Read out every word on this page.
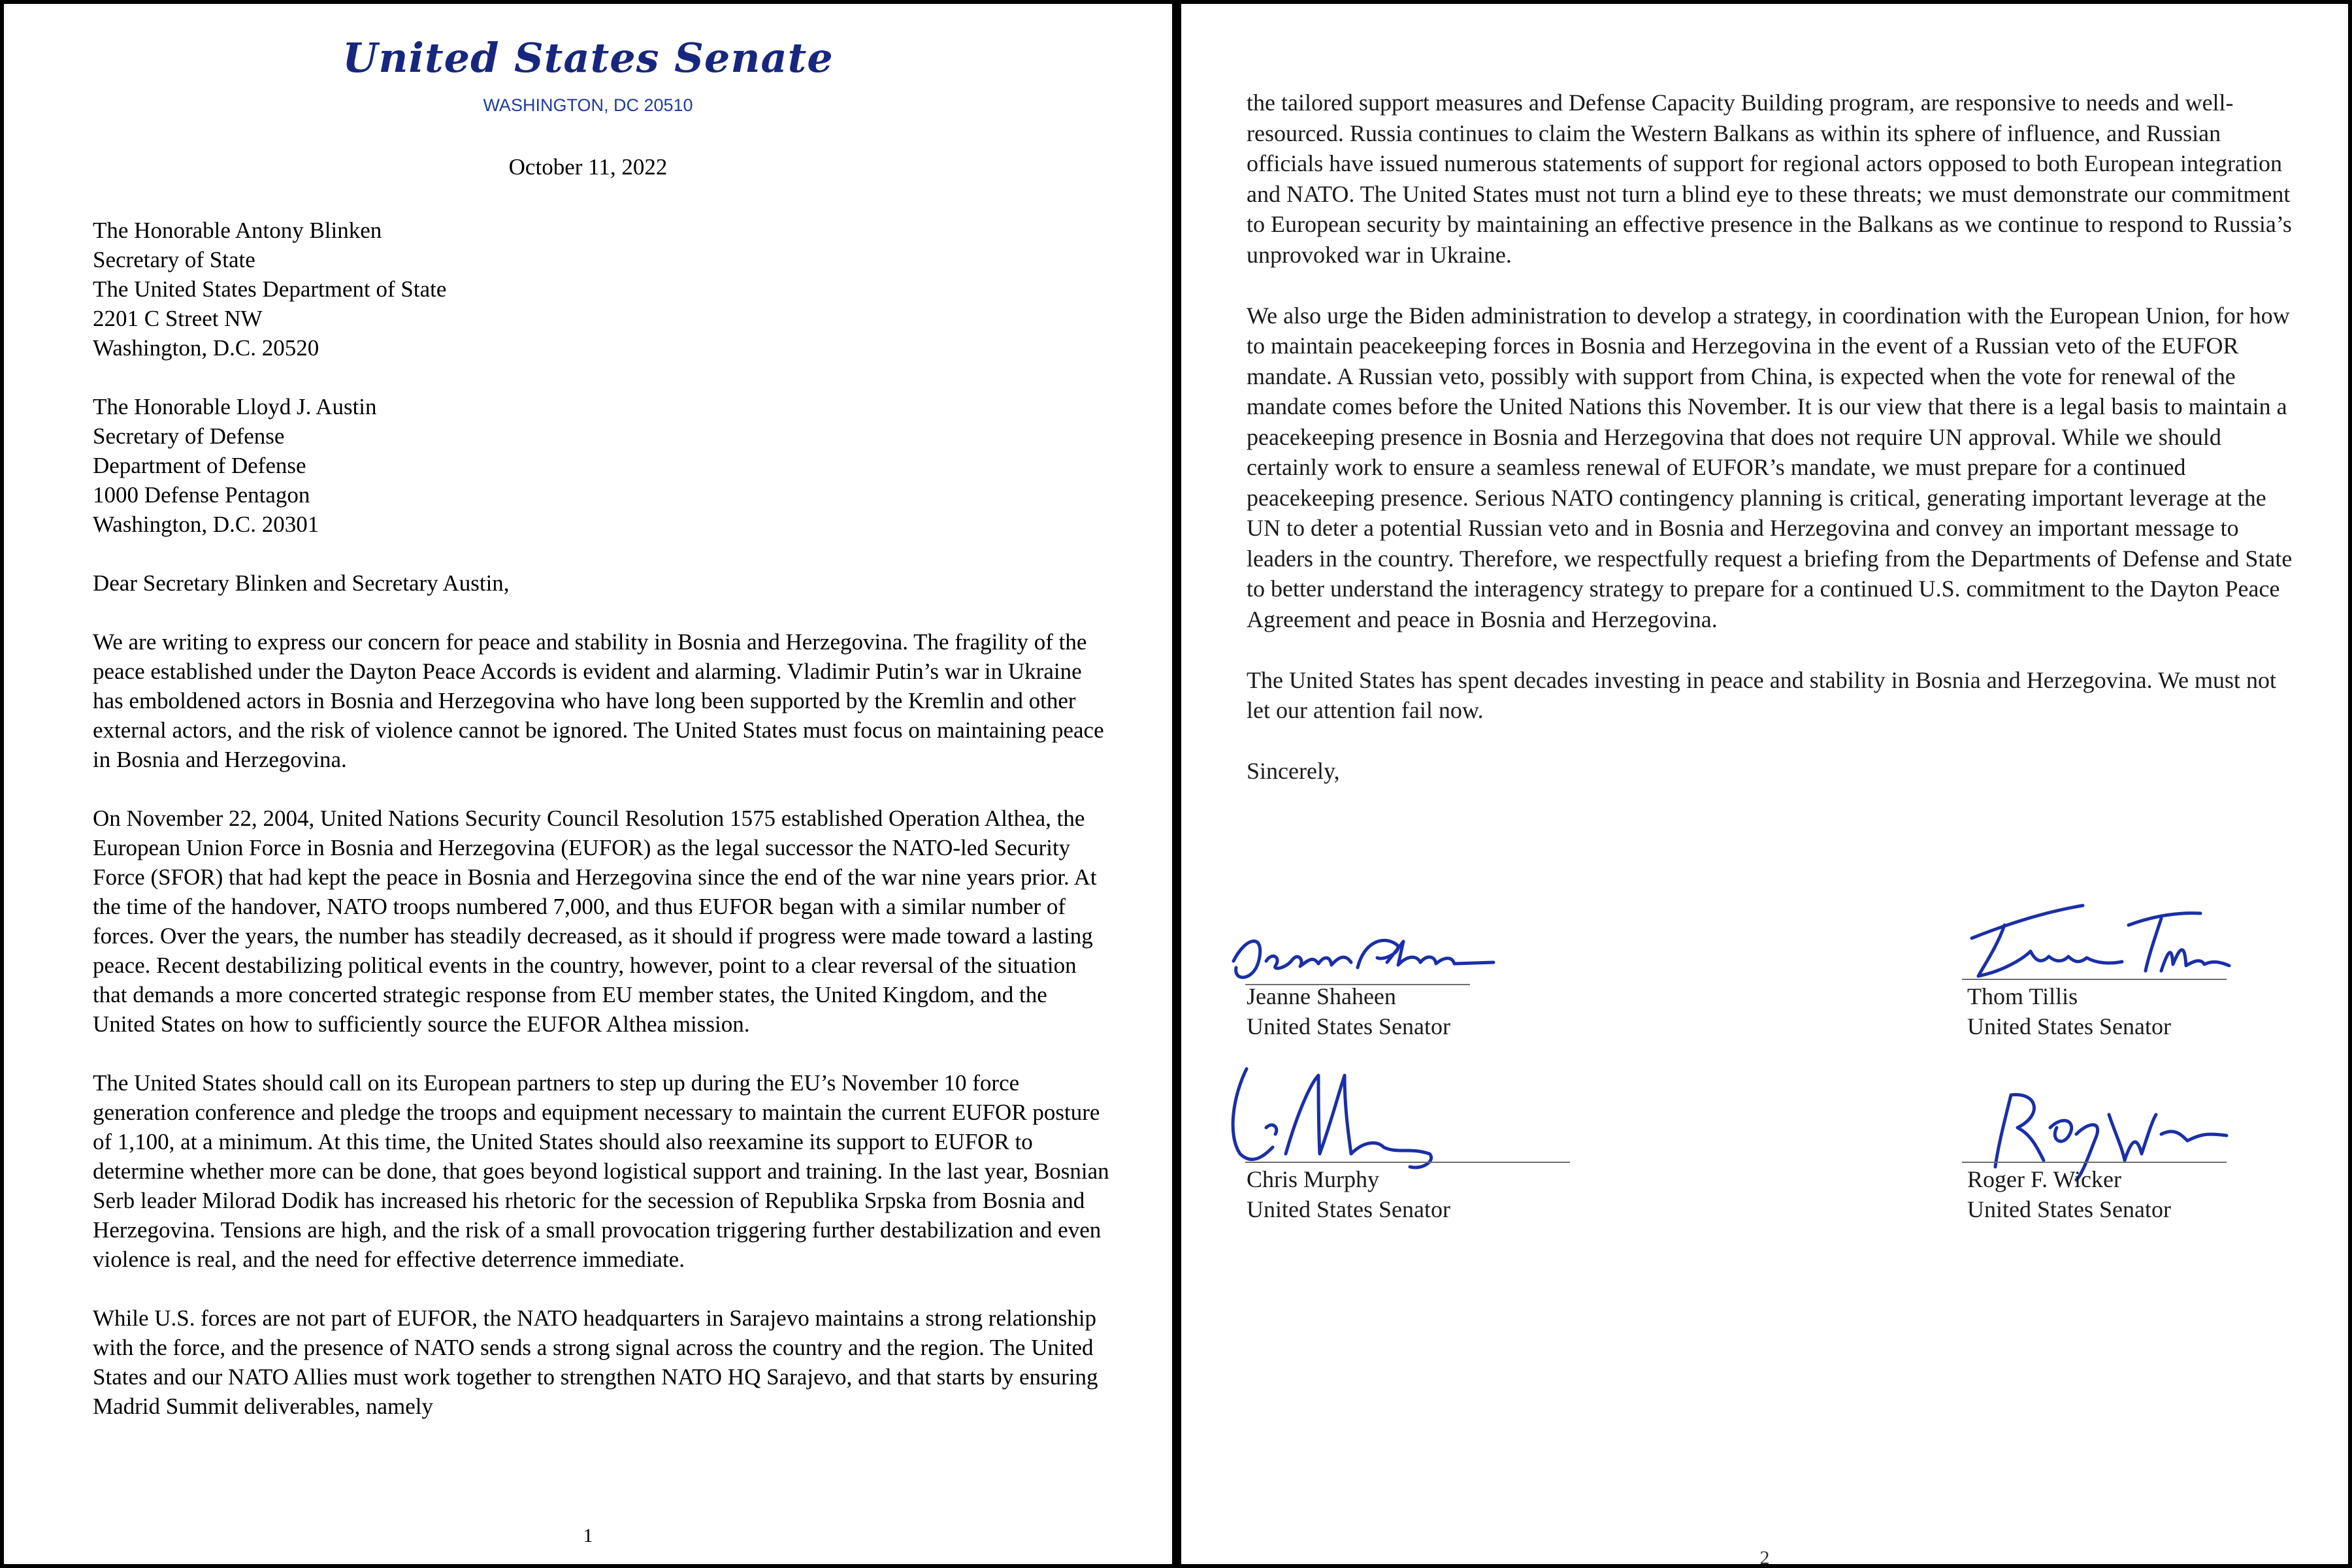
United States Senate
WASHINGTON, DC 20510
October 11, 2022
The Honorable Antony Blinken
Secretary of State
The United States Department of State
2201 C Street NW
Washington, D.C. 20520
The Honorable Lloyd J. Austin
Secretary of Defense
Department of Defense
1000 Defense Pentagon
Washington, D.C. 20301

Dear Secretary Blinken and Secretary Austin,

We are writing to express our concern for peace and stability in Bosnia and Herzegovina. The fragility of the peace established under the Dayton Peace Accords is evident and alarming. Vladimir Putin’s war in Ukraine has emboldened actors in Bosnia and Herzegovina who have long been supported by the Kremlin and other external actors, and the risk of violence cannot be ignored. The United States must focus on maintaining peace in Bosnia and Herzegovina.

On November 22, 2004, United Nations Security Council Resolution 1575 established Operation Althea, the European Union Force in Bosnia and Herzegovina (EUFOR) as the legal successor the NATO-led Security Force (SFOR) that had kept the peace in Bosnia and Herzegovina since the end of the war nine years prior. At the time of the handover, NATO troops numbered 7,000, and thus EUFOR began with a similar number of forces. Over the years, the number has steadily decreased, as it should if progress were made toward a lasting peace. Recent destabilizing political events in the country, however, point to a clear reversal of the situation that demands a more concerted strategic response from EU member states, the United Kingdom, and the United States on how to sufficiently source the EUFOR Althea mission.

The United States should call on its European partners to step up during the EU’s November 10 force generation conference and pledge the troops and equipment necessary to maintain the current EUFOR posture of 1,100, at a minimum. At this time, the United States should also reexamine its support to EUFOR to determine whether more can be done, that goes beyond logistical support and training. In the last year, Bosnian Serb leader Milorad Dodik has increased his rhetoric for the secession of Republika Srpska from Bosnia and Herzegovina. Tensions are high, and the risk of a small provocation triggering further destabilization and even violence is real, and the need for effective deterrence immediate.

While U.S. forces are not part of EUFOR, the NATO headquarters in Sarajevo maintains a strong relationship with the force, and the presence of NATO sends a strong signal across the country and the region. The United States and our NATO Allies must work together to strengthen NATO HQ Sarajevo, and that starts by ensuring Madrid Summit deliverables, namely

1

the tailored support measures and Defense Capacity Building program, are responsive to needs and well-resourced. Russia continues to claim the Western Balkans as within its sphere of influence, and Russian officials have issued numerous statements of support for regional actors opposed to both European integration and NATO. The United States must not turn a blind eye to these threats; we must demonstrate our commitment to European security by maintaining an effective presence in the Balkans as we continue to respond to Russia’s unprovoked war in Ukraine.

We also urge the Biden administration to develop a strategy, in coordination with the European Union, for how to maintain peacekeeping forces in Bosnia and Herzegovina in the event of a Russian veto of the EUFOR mandate. A Russian veto, possibly with support from China, is expected when the vote for renewal of the mandate comes before the United Nations this November. It is our view that there is a legal basis to maintain a peacekeeping presence in Bosnia and Herzegovina that does not require UN approval. While we should certainly work to ensure a seamless renewal of EUFOR’s mandate, we must prepare for a continued peacekeeping presence. Serious NATO contingency planning is critical, generating important leverage at the UN to deter a potential Russian veto and in Bosnia and Herzegovina and convey an important message to leaders in the country. Therefore, we respectfully request a briefing from the Departments of Defense and State to better understand the interagency strategy to prepare for a continued U.S. commitment to the Dayton Peace Agreement and peace in Bosnia and Herzegovina.

The United States has spent decades investing in peace and stability in Bosnia and Herzegovina. We must not let our attention fail now.

Sincerely,

Jeanne Shaheen
United States Senator
Thom Tillis
United States Senator
Chris Murphy
United States Senator
Roger F. Wicker
United States Senator
2
